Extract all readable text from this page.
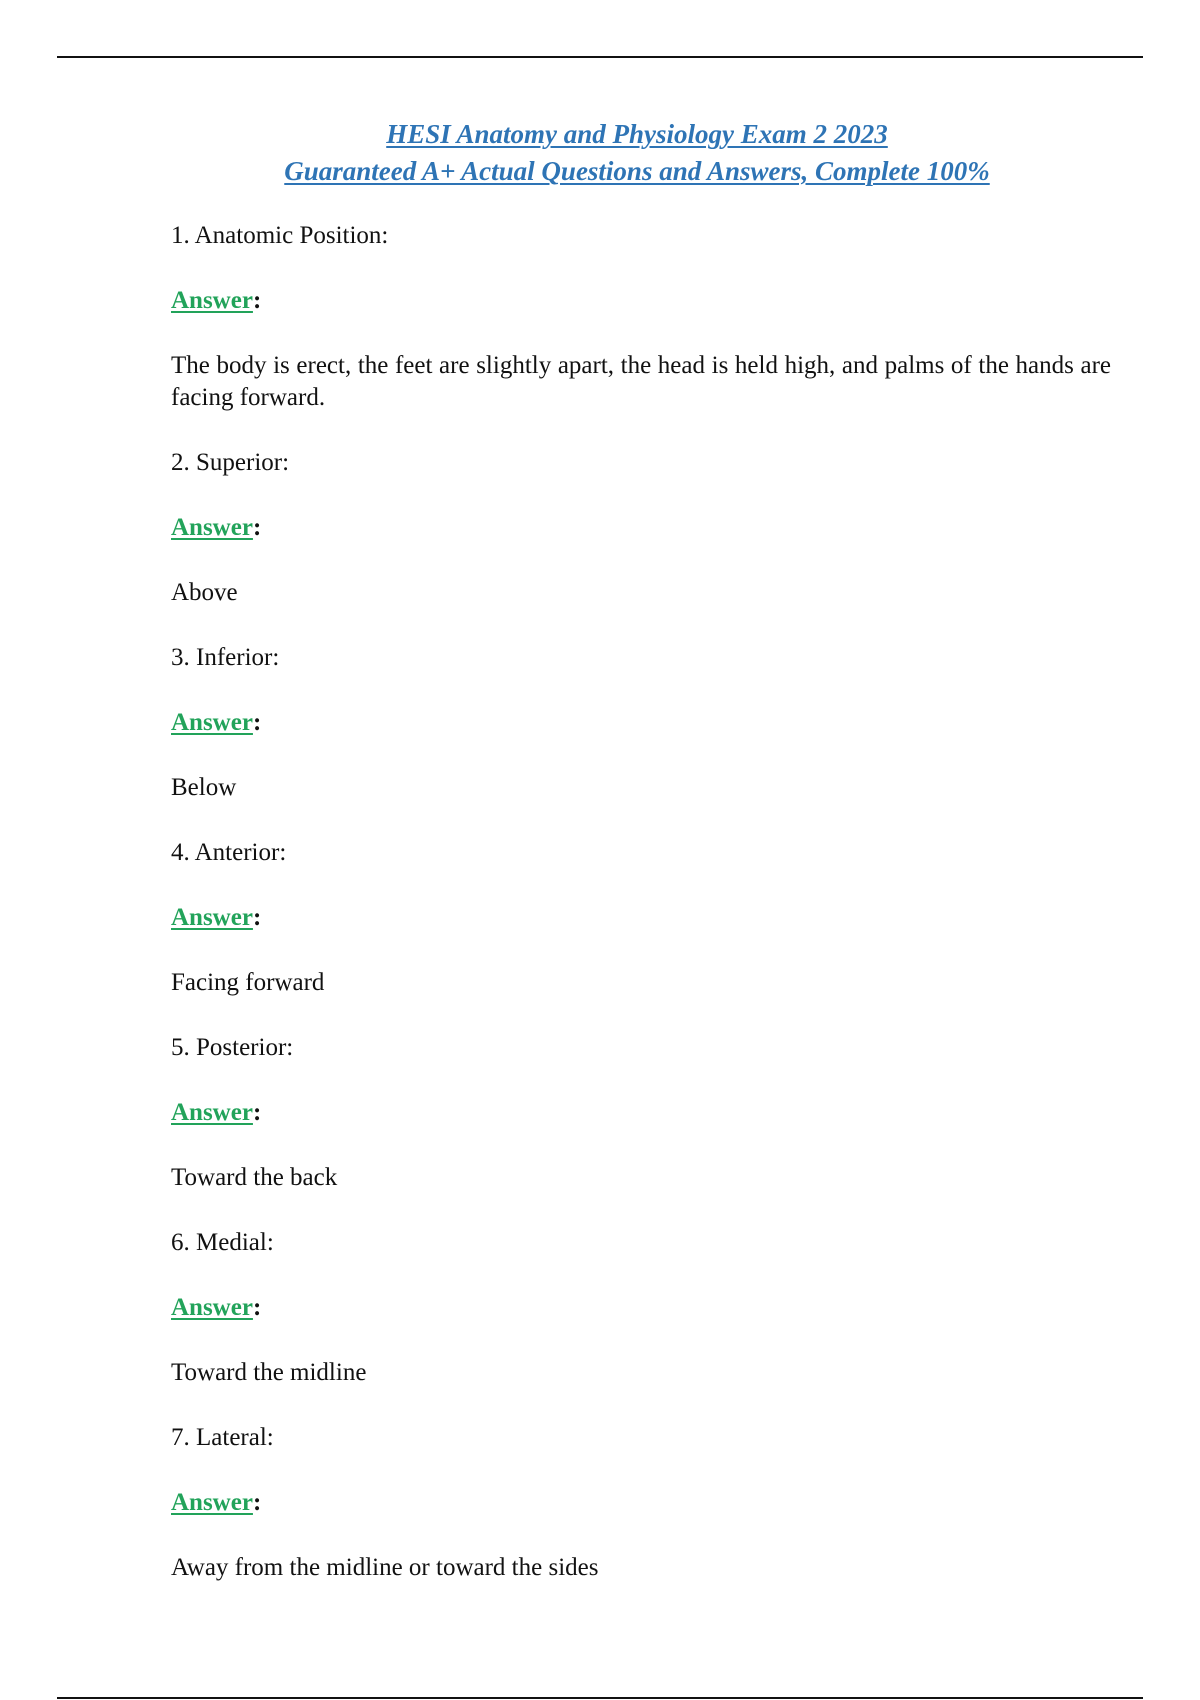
HESI Anatomy and Physiology Exam 2 2023
Guaranteed A+ Actual Questions and Answers, Complete 100%

1. Anatomic Position:

Answer:

The body is erect, the feet are slightly apart, the head is held high, and palms of the hands are facing forward.

2. Superior:

Answer:

Above

3. Inferior:

Answer:

Below

4. Anterior:

Answer:

Facing forward

5. Posterior:

Answer:

Toward the back

6. Medial:

Answer:

Toward the midline

7. Lateral:

Answer:

Away from the midline or toward the sides
